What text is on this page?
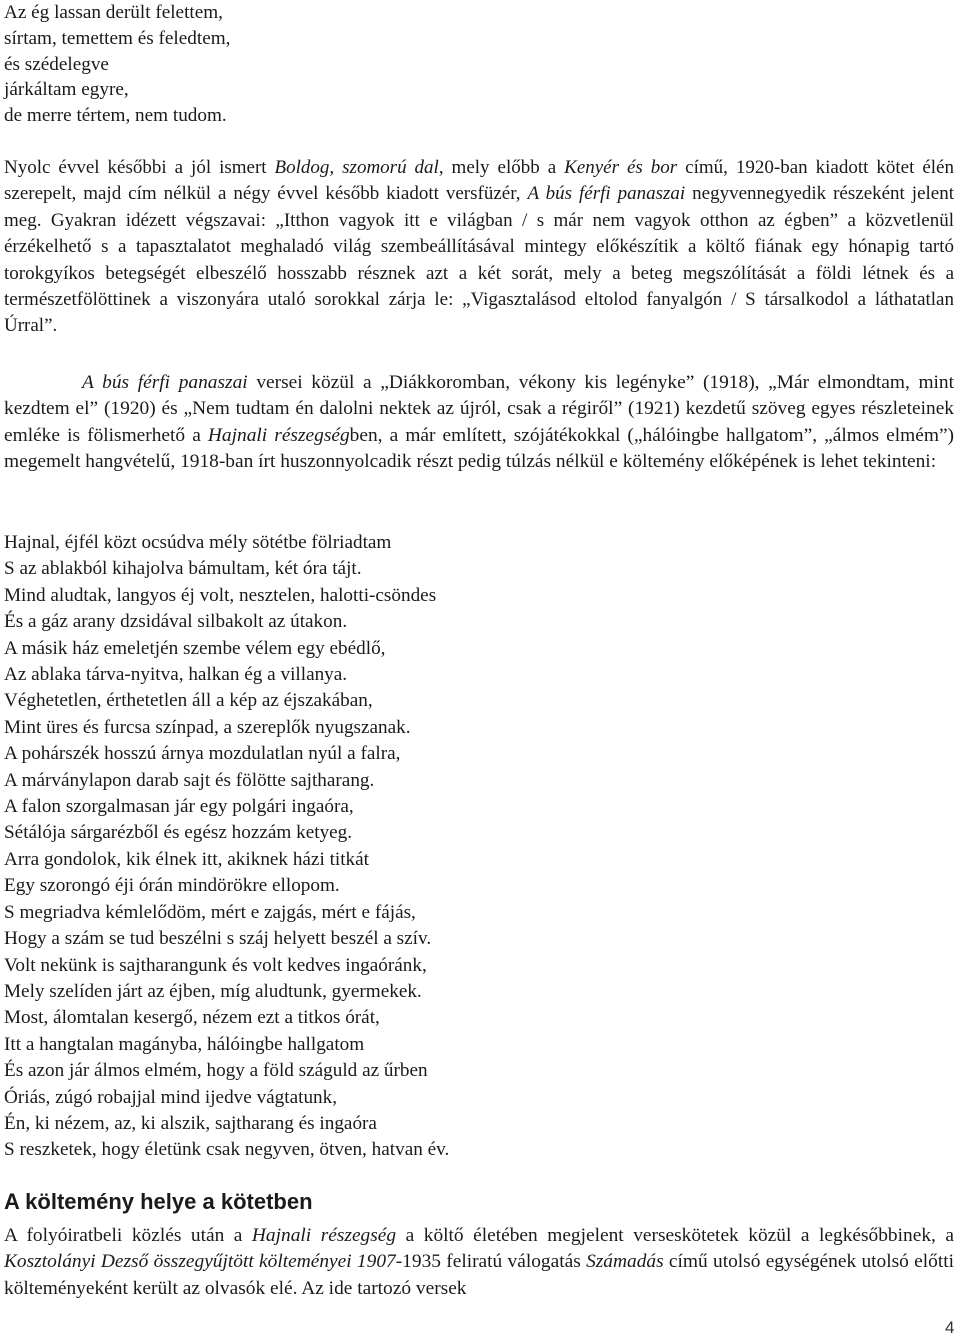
Az ég lassan derült felettem,
sírtam, temettem és feledtem,
és szédelegve
járkáltam egyre,
de merre tértem, nem tudom.

Nyolc évvel későbbi a jól ismert Boldog, szomorú dal, mely előbb a Kenyér és bor című, 1920-ban kiadott kötet élén szerepelt, majd cím nélkül a négy évvel később kiadott versfüzér, A bús férfi panaszai negyvennegyedik részeként jelent meg. Gyakran idézett végszavai: „Itthon vagyok itt e világban / s már nem vagyok otthon az égben” a közvetlenül érzékelhető s a tapasztalatot meghaladó világ szembeállításával mintegy előkészítik a költő fiának egy hónapig tartó torokgyíkos betegségét elbeszélő hosszabb résznek azt a két sorát, mely a beteg megszólítását a földi létnek és a természetfölöttinek a viszonyára utaló sorokkal zárja le: „Vigasztalásod eltolod fanyalgón / S társalkodol a láthatatlan Úrral”.

A bús férfi panaszai versei közül a „Diákkoromban, vékony kis legényke” (1918), „Már elmondtam, mint kezdtem el” (1920) és „Nem tudtam én dalolni nektek az újról, csak a régiről” (1921) kezdetű szöveg egyes részleteinek emléke is fölismerhető a Hajnali részegségben, a már említett, szójátékokkal („hálóingbe hallgatom”, „álmos elmém”) megemelt hangvételű, 1918-ban írt huszonnyolcadik részt pedig túlzás nélkül e költemény előképének is lehet tekinteni:

Hajnal, éjfél közt ocsúdva mély sötétbe fölriadtam
S az ablakból kihajolva bámultam, két óra tájt.
Mind aludtak, langyos éj volt, nesztelen, halotti-csöndes
És a gáz arany dzsidával silbakolt az útakon.
A másik ház emeletjén szembe vélem egy ebédlő,
Az ablaka tárva-nyitva, halkan ég a villanya.
Véghetetlen, érthetetlen áll a kép az éjszakában,
Mint üres és furcsa színpad, a szereplők nyugszanak.
A pohárszék hosszú árnya mozdulatlan nyúl a falra,
A márványlapon darab sajt és fölötte sajtharang.
A falon szorgalmasan jár egy polgári ingaóra,
Sétálója sárgarézből és egész hozzám ketyeg.
Arra gondolok, kik élnek itt, akiknek házi titkát
Egy szorongó éji órán mindörökre ellopom.
S megriadva kémlelődöm, mért e zajgás, mért e fájás,
Hogy a szám se tud beszélni s száj helyett beszél a szív.
Volt nekünk is sajtharangunk és volt kedves ingaóránk,
Mely szelíden járt az éjben, míg aludtunk, gyermekek.
Most, álomtalan kesergő, nézem ezt a titkos órát,
Itt a hangtalan magányba, hálóingbe hallgatom
És azon jár álmos elmém, hogy a föld száguld az űrben
Óriás, zúgó robajjal mind ijedve vágtatunk,
Én, ki nézem, az, ki alszik, sajtharang és ingaóra
S reszketek, hogy életünk csak negyven, ötven, hatvan év.
A költemény helye a kötetben

A folyóiratbeli közlés után a Hajnali részegség a költő életében megjelent verseskötetek közül a legkésőbbinek, a Kosztolányi Dezső összegyűjtött költeményei 1907-1935 feliratú válogatás Számadás című utolsó egységének utolsó előtti költeményeként került az olvasók elé. Az ide tartozó versek

4
